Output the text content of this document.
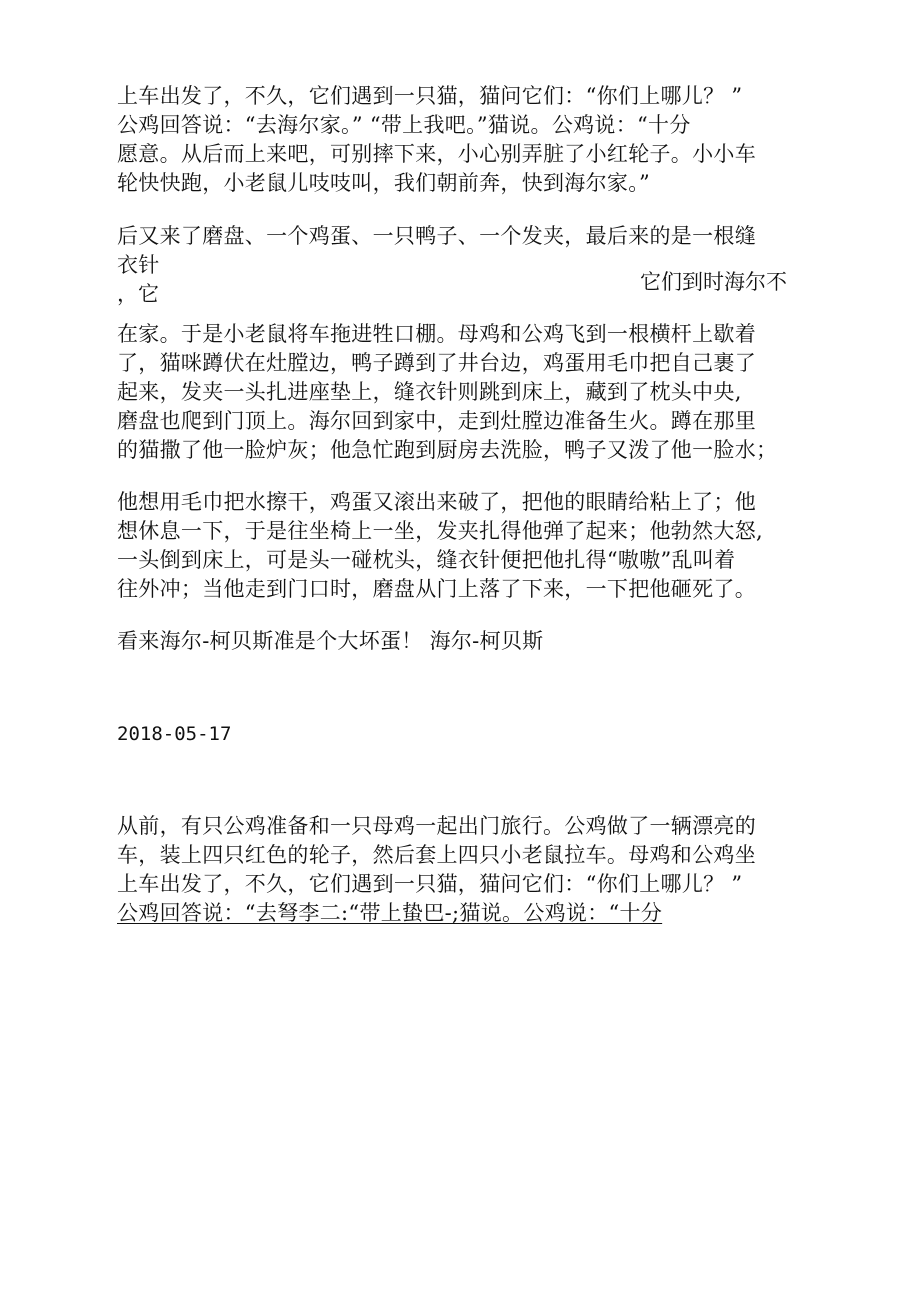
上车出发了，不久，它们遇到一只猫，猫问它们：“你们上哪儿？ ”
公鸡回答说：“去海尔家。” “带上我吧。”猫说。公鸡说：“十分
愿意。从后而上来吧，可别摔下来，小心别弄脏了小红轮子。小小车
轮快快跑，小老鼠儿吱吱叫，我们朝前奔，快到海尔家。”
后又来了磨盘、一个鸡蛋、一只鸭子、一个发夹，最后来的是一根缝
衣针
，它	它们到时海尔不
在家。于是小老鼠将车拖进牲口棚。母鸡和公鸡飞到一根横杆上歇着
了，猫咪蹲伏在灶膛边，鸭子蹲到了井台边，鸡蛋用毛巾把自己裹了
起来，发夹一头扎进座垫上，缝衣针则跳到床上，藏到了枕头中央,
磨盘也爬到门顶上。海尔回到家中，走到灶膛边准备生火。蹲在那里
的猫撒了他一脸炉灰；他急忙跑到厨房去洗脸，鸭子又泼了他一脸水；
他想用毛巾把水擦干，鸡蛋又滚出来破了，把他的眼睛给粘上了；他
想休息一下，于是往坐椅上一坐，发夹扎得他弹了起来；他勃然大怒,
一头倒到床上，可是头一碰枕头，缝衣针便把他扎得“嗷嗷”乱叫着
往外冲；当他走到门口时，磨盘从门上落了下来，一下把他砸死了。
看来海尔-柯贝斯准是个大坏蛋！ 海尔-柯贝斯
2018-05-17
从前，有只公鸡准备和一只母鸡一起出门旅行。公鸡做了一辆漂亮的
车，装上四只红色的轮子，然后套上四只小老鼠拉车。母鸡和公鸡坐
上车出发了，不久，它们遇到一只猫，猫问它们：“你们上哪儿？ ”
公鸡回答说：“去弩李二:“带上蛰巴-;猫说。公鸡说：“十分
